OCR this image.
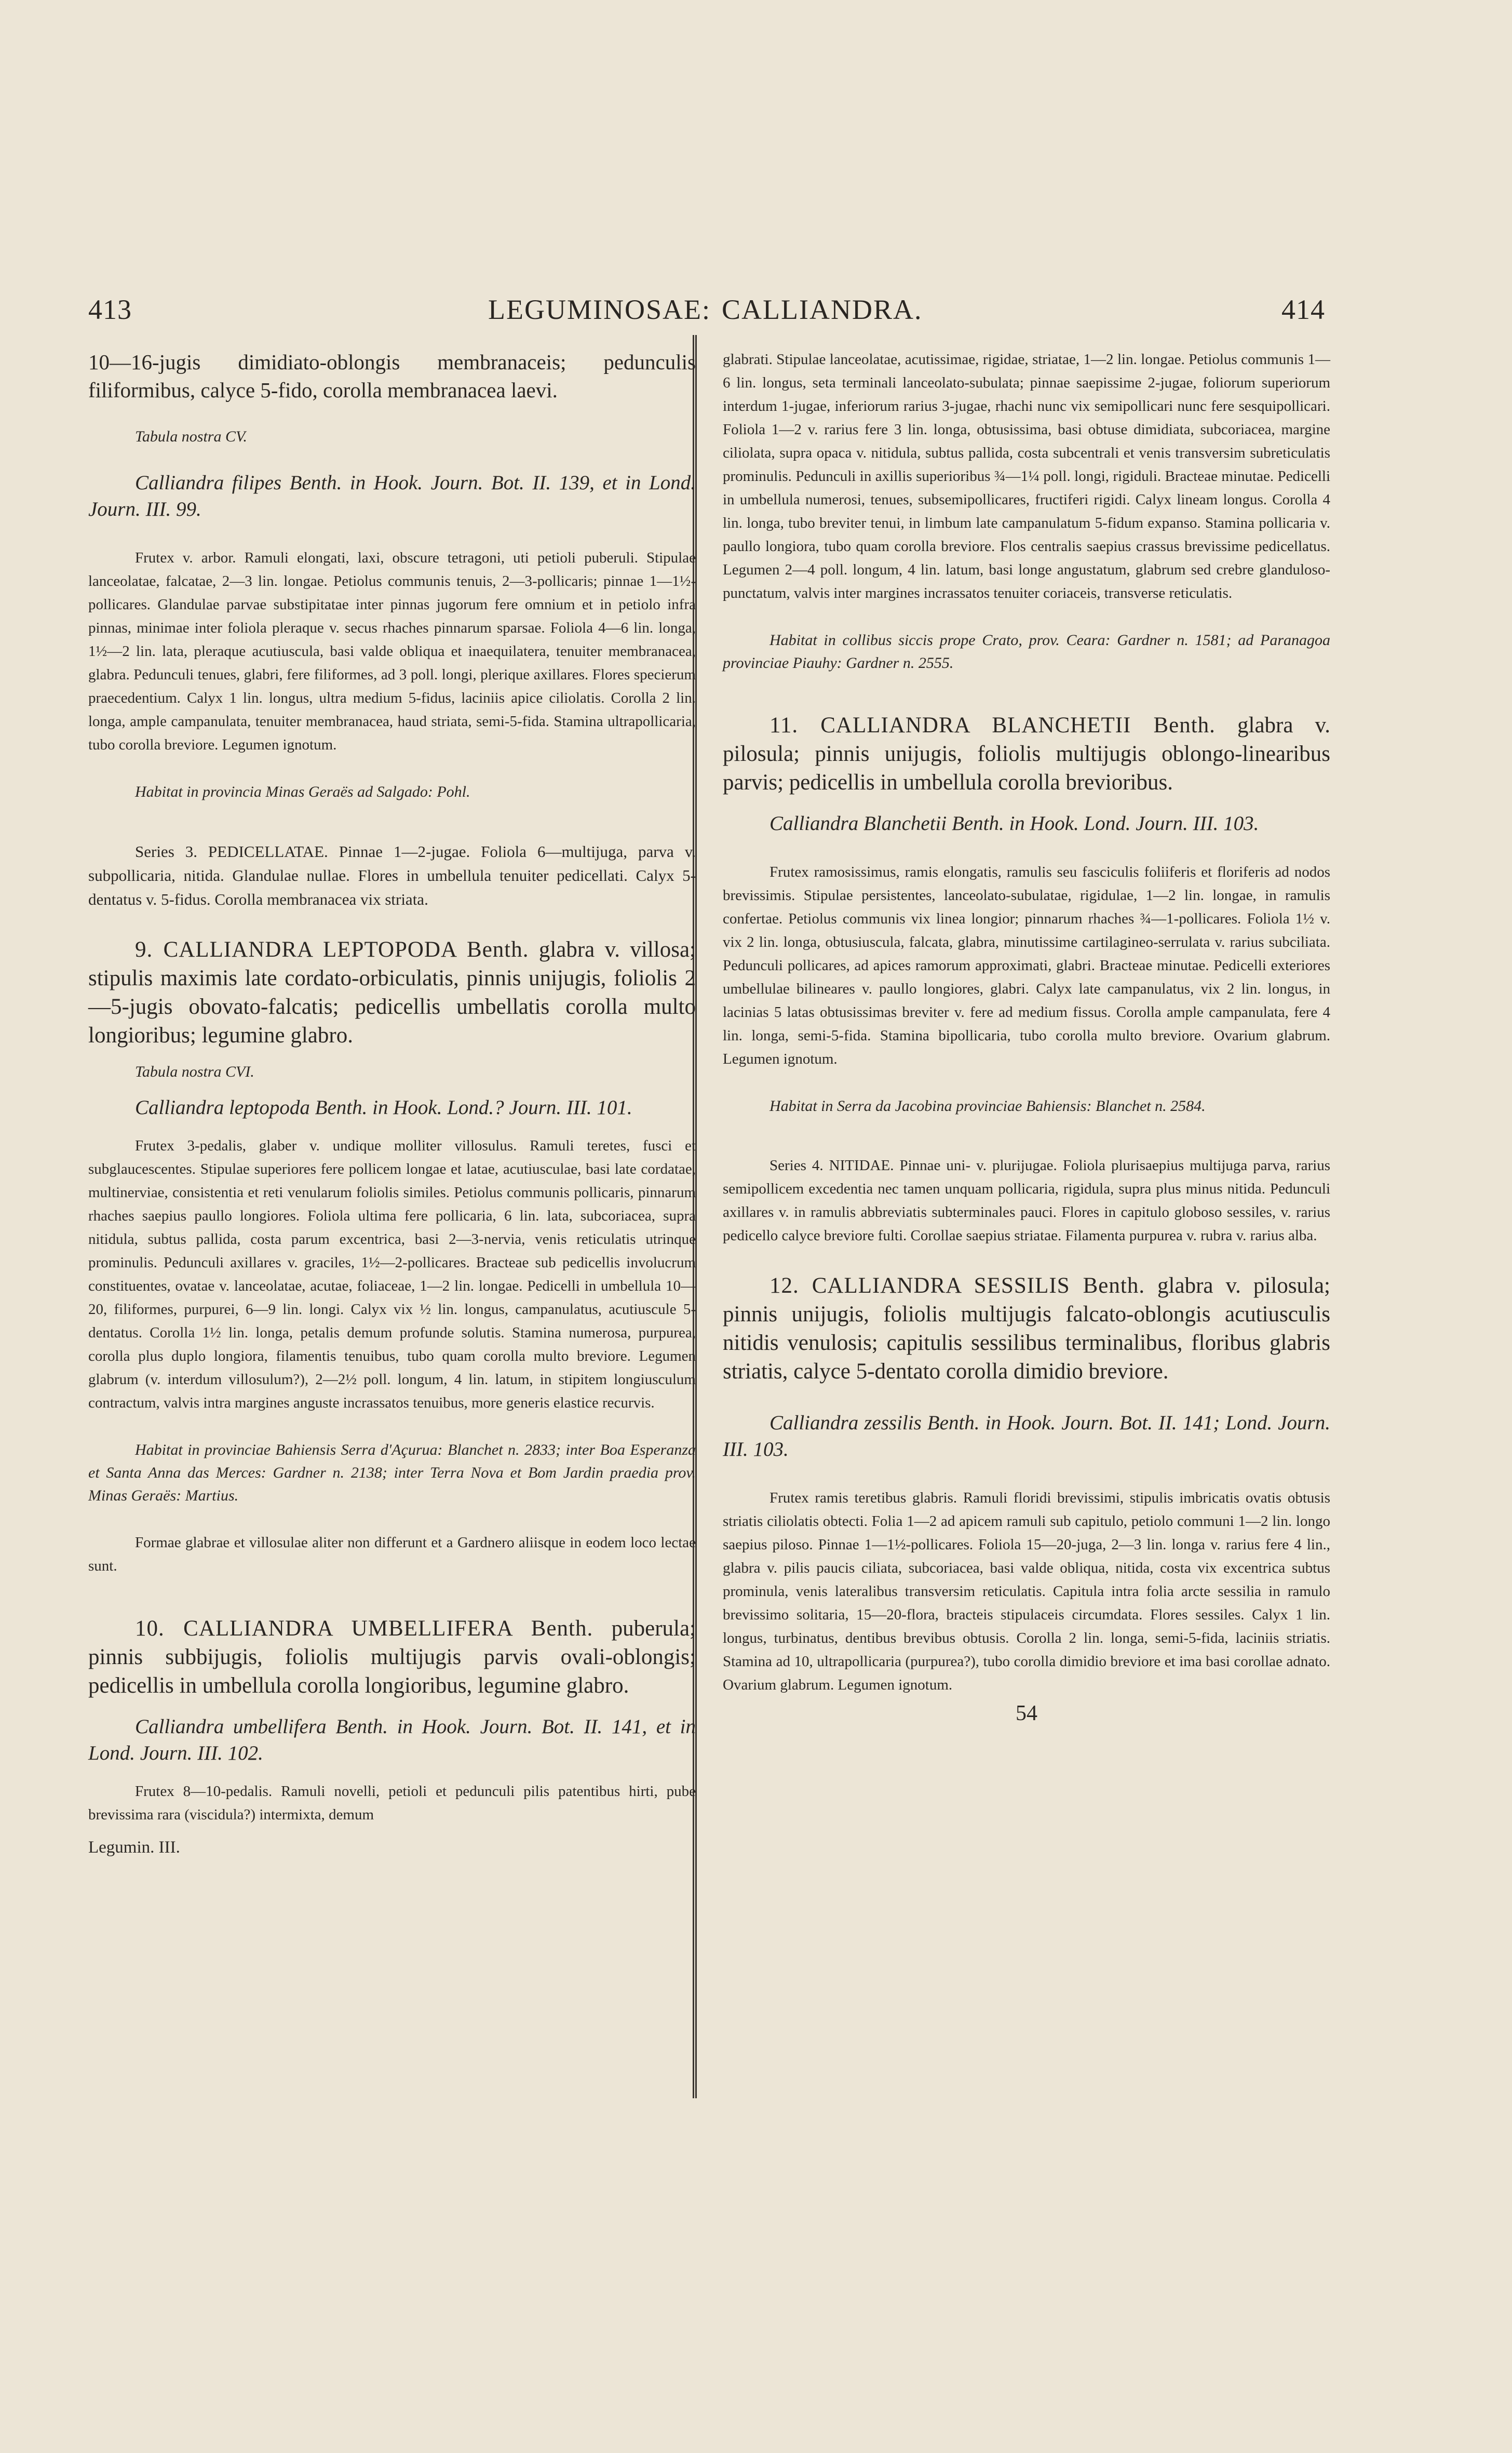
413	LEGUMINOSAE: CALLIANDRA.	414

10—16-jugis dimidiato-oblongis membranaceis; pedunculis filiformibus, calyce 5-fido, corolla membranacea laevi.

Tabula nostra CV.

Calliandra filipes Benth. in Hook. Journ. Bot. II. 139, et in Lond. Journ. III. 99.

Frutex v. arbor. Ramuli elongati, laxi, obscure tetragoni, uti petioli puberuli. Stipulae lanceolatae, falcatae, 2—3 lin. longae. Petiolus communis tenuis, 2—3-pollicaris; pinnae 1—1½-pollicares. Glandulae parvae substipitatae inter pinnas jugorum fere omnium et in petiolo infra pinnas, minimae inter foliola pleraque v. secus rhaches pinnarum sparsae. Foliola 4—6 lin. longa, 1½—2 lin. lata, pleraque acutiuscula, basi valde obliqua et inaequilatera, tenuiter membranacea, glabra. Pedunculi tenues, glabri, fere filiformes, ad 3 poll. longi, plerique axillares. Flores specierum praecedentium. Calyx 1 lin. longus, ultra medium 5-fidus, laciniis apice ciliolatis. Corolla 2 lin. longa, ample campanulata, tenuiter membranacea, haud striata, semi-5-fida. Stamina ultrapollicaria, tubo corolla breviore. Legumen ignotum.

Habitat in provincia Minas Geraës ad Salgado: Pohl.

Series 3. PEDICELLATAE. Pinnae 1—2-jugae. Foliola 6—multijuga, parva v. subpollicaria, nitida. Glandulae nullae. Flores in umbellula tenuiter pedicellati. Calyx 5-dentatus v. 5-fidus. Corolla membranacea vix striata.

9. CALLIANDRA LEPTOPODA Benth. glabra v. villosa; stipulis maximis late cordato-orbiculatis, pinnis unijugis, foliolis 2—5-jugis obovato-falcatis; pedicellis umbellatis corolla multo longioribus; legumine glabro.

Tabula nostra CVI.

Calliandra leptopoda Benth. in Hook. Lond.? Journ. III. 101.

Frutex 3-pedalis, glaber v. undique molliter villosulus. Ramuli teretes, fusci et subglaucescentes. Stipulae superiores fere pollicem longae et latae, acutiusculae, basi late cordatae, multinerviae, consistentia et reti venularum foliolis similes. Petiolus communis pollicaris, pinnarum rhaches saepius paullo longiores. Foliola ultima fere pollicaria, 6 lin. lata, subcoriacea, supra nitidula, subtus pallida, costa parum excentrica, basi 2—3-nervia, venis reticulatis utrinque prominulis. Pedunculi axillares v. graciles, 1½—2-pollicares. Bracteae sub pedicellis involucrum constituentes, ovatae v. lanceolatae, acutae, foliaceae, 1—2 lin. longae. Pedicelli in umbellula 10—20, filiformes, purpurei, 6—9 lin. longi. Calyx vix ½ lin. longus, campanulatus, acutiuscule 5-dentatus. Corolla 1½ lin. longa, petalis demum profunde solutis. Stamina numerosa, purpurea, corolla plus duplo longiora, filamentis tenuibus, tubo quam corolla multo breviore. Legumen glabrum (v. interdum villosulum?), 2—2½ poll. longum, 4 lin. latum, in stipitem longiusculum contractum, valvis intra margines anguste incrassatos tenuibus, more generis elastice recurvis.

Habitat in provinciae Bahiensis Serra d'Açurua: Blanchet n. 2833; inter Boa Esperanza et Santa Anna das Merces: Gardner n. 2138; inter Terra Nova et Bom Jardin praedia prov. Minas Geraës: Martius.

Formae glabrae et villosulae aliter non differunt et a Gardnero aliisque in eodem loco lectae sunt.

10. CALLIANDRA UMBELLIFERA Benth. puberula; pinnis subbijugis, foliolis multijugis parvis ovali-oblongis; pedicellis in umbellula corolla longioribus, legumine glabro.

Calliandra umbellifera Benth. in Hook. Journ. Bot. II. 141, et in Lond. Journ. III. 102.

Frutex 8—10-pedalis. Ramuli novelli, petioli et pedunculi pilis patentibus hirti, pube brevissima rara (viscidula?) intermixta, demum

Legumin. III.

glabrati. Stipulae lanceolatae, acutissimae, rigidae, striatae, 1—2 lin. longae. Petiolus communis 1—6 lin. longus, seta terminali lanceolato-subulata; pinnae saepissime 2-jugae, foliorum superiorum interdum 1-jugae, inferiorum rarius 3-jugae, rhachi nunc vix semipollicari nunc fere sesquipollicari. Foliola 1—2 v. rarius fere 3 lin. longa, obtusissima, basi obtuse dimidiata, subcoriacea, margine ciliolata, supra opaca v. nitidula, subtus pallida, costa subcentrali et venis transversim subreticulatis prominulis. Pedunculi in axillis superioribus ¾—1¼ poll. longi, rigiduli. Bracteae minutae. Pedicelli in umbellula numerosi, tenues, subsemipollicares, fructiferi rigidi. Calyx lineam longus. Corolla 4 lin. longa, tubo breviter tenui, in limbum late campanulatum 5-fidum expanso. Stamina pollicaria v. paullo longiora, tubo quam corolla breviore. Flos centralis saepius crassus brevissime pedicellatus. Legumen 2—4 poll. longum, 4 lin. latum, basi longe angustatum, glabrum sed crebre glanduloso-punctatum, valvis inter margines incrassatos tenuiter coriaceis, transverse reticulatis.

Habitat in collibus siccis prope Crato, prov. Ceara: Gardner n. 1581; ad Paranagoa provinciae Piauhy: Gardner n. 2555.

11. CALLIANDRA BLANCHETII Benth. glabra v. pilosula; pinnis unijugis, foliolis multijugis oblongo-linearibus parvis; pedicellis in umbellula corolla brevioribus.

Calliandra Blanchetii Benth. in Hook. Lond. Journ. III. 103.

Frutex ramosissimus, ramis elongatis, ramulis seu fasciculis foliiferis et floriferis ad nodos brevissimis. Stipulae persistentes, lanceolato-subulatae, rigidulae, 1—2 lin. longae, in ramulis confertae. Petiolus communis vix linea longior; pinnarum rhaches ¾—1-pollicares. Foliola 1½ v. vix 2 lin. longa, obtusiuscula, falcata, glabra, minutissime cartilagineo-serrulata v. rarius subciliata. Pedunculi pollicares, ad apices ramorum approximati, glabri. Bracteae minutae. Pedicelli exteriores umbellulae bilineares v. paullo longiores, glabri. Calyx late campanulatus, vix 2 lin. longus, in lacinias 5 latas obtusissimas breviter v. fere ad medium fissus. Corolla ample campanulata, fere 4 lin. longa, semi-5-fida. Stamina bipollicaria, tubo corolla multo breviore. Ovarium glabrum. Legumen ignotum.

Habitat in Serra da Jacobina provinciae Bahiensis: Blanchet n. 2584.

Series 4. NITIDAE. Pinnae uni- v. plurijugae. Foliola plurisaepius multijuga parva, rarius semipollicem excedentia nec tamen unquam pollicaria, rigidula, supra plus minus nitida. Pedunculi axillares v. in ramulis abbreviatis subterminales pauci. Flores in capitulo globoso sessiles, v. rarius pedicello calyce breviore fulti. Corollae saepius striatae. Filamenta purpurea v. rubra v. rarius alba.

12. CALLIANDRA SESSILIS Benth. glabra v. pilosula; pinnis unijugis, foliolis multijugis falcato-oblongis acutiusculis nitidis venulosis; capitulis sessilibus terminalibus, floribus glabris striatis, calyce 5-dentato corolla dimidio breviore.

Calliandra zessilis Benth. in Hook. Journ. Bot. II. 141; Lond. Journ. III. 103.

Frutex ramis teretibus glabris. Ramuli floridi brevissimi, stipulis imbricatis ovatis obtusis striatis ciliolatis obtecti. Folia 1—2 ad apicem ramuli sub capitulo, petiolo communi 1—2 lin. longo saepius piloso. Pinnae 1—1½-pollicares. Foliola 15—20-juga, 2—3 lin. longa v. rarius fere 4 lin., glabra v. pilis paucis ciliata, subcoriacea, basi valde obliqua, nitida, costa vix excentrica subtus prominula, venis lateralibus transversim reticulatis. Capitula intra folia arcte sessilia in ramulo brevissimo solitaria, 15—20-flora, bracteis stipulaceis circumdata. Flores sessiles. Calyx 1 lin. longus, turbinatus, dentibus brevibus obtusis. Corolla 2 lin. longa, semi-5-fida, laciniis striatis. Stamina ad 10, ultrapollicaria (purpurea?), tubo corolla dimidio breviore et ima basi corollae adnato. Ovarium glabrum. Legumen ignotum.

54
